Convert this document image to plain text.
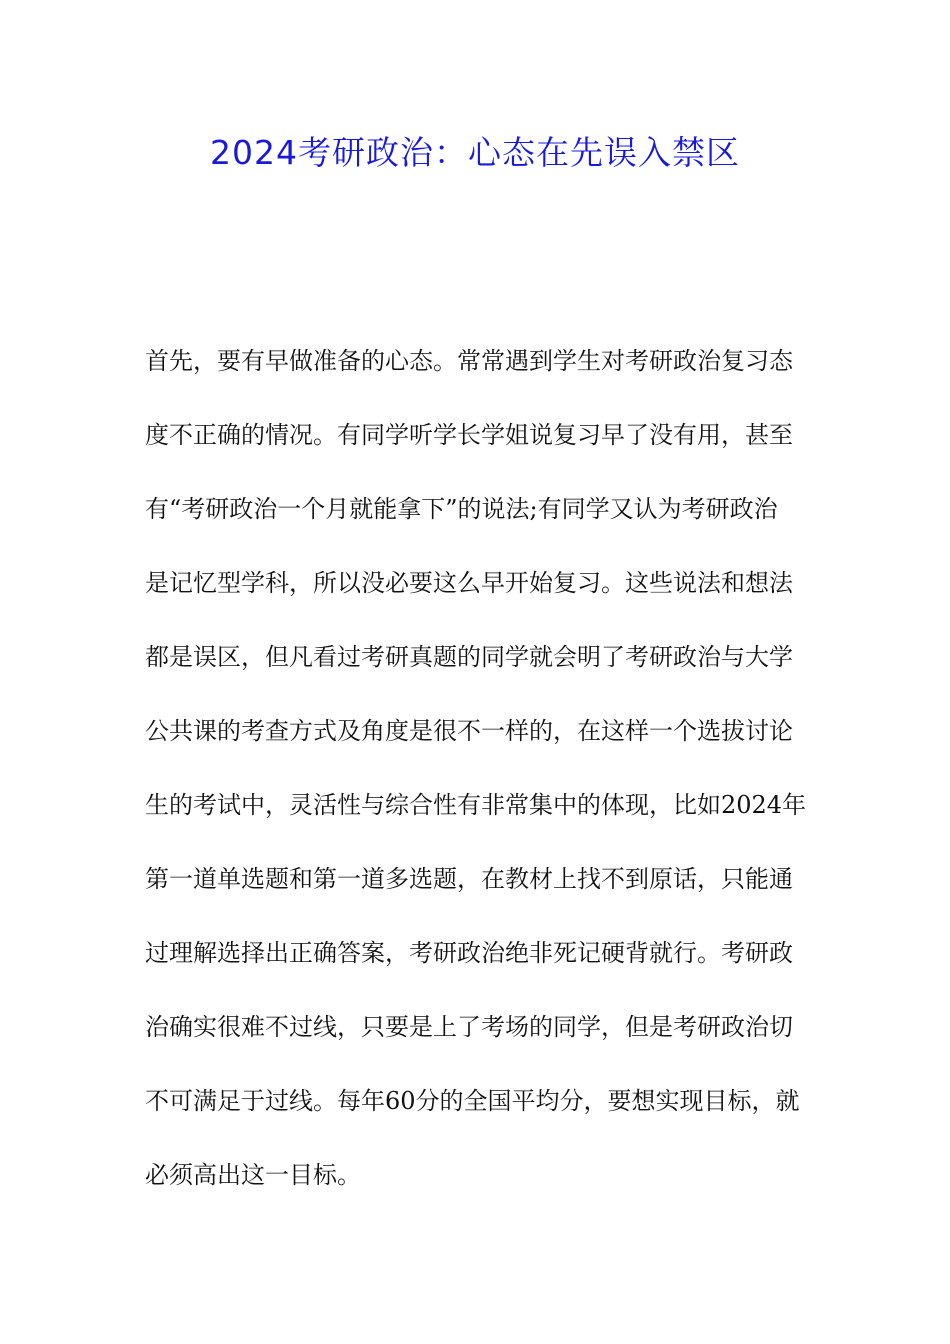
2024考研政治：心态在先误入禁区
首先，要有早做准备的心态。常常遇到学生对考研政治复习态
度不正确的情况。有同学听学长学姐说复习早了没有用，甚至
有“考研政治一个月就能拿下”的说法;有同学又认为考研政治
是记忆型学科，所以没必要这么早开始复习。这些说法和想法
都是误区，但凡看过考研真题的同学就会明了考研政治与大学
公共课的考查方式及角度是很不一样的，在这样一个选拔讨论
生的考试中，灵活性与综合性有非常集中的体现，比如2024年
第一道单选题和第一道多选题，在教材上找不到原话，只能通
过理解选择出正确答案，考研政治绝非死记硬背就行。考研政
治确实很难不过线，只要是上了考场的同学，但是考研政治切
不可满足于过线。每年60分的全国平均分，要想实现目标，就
必须高出这一目标。
